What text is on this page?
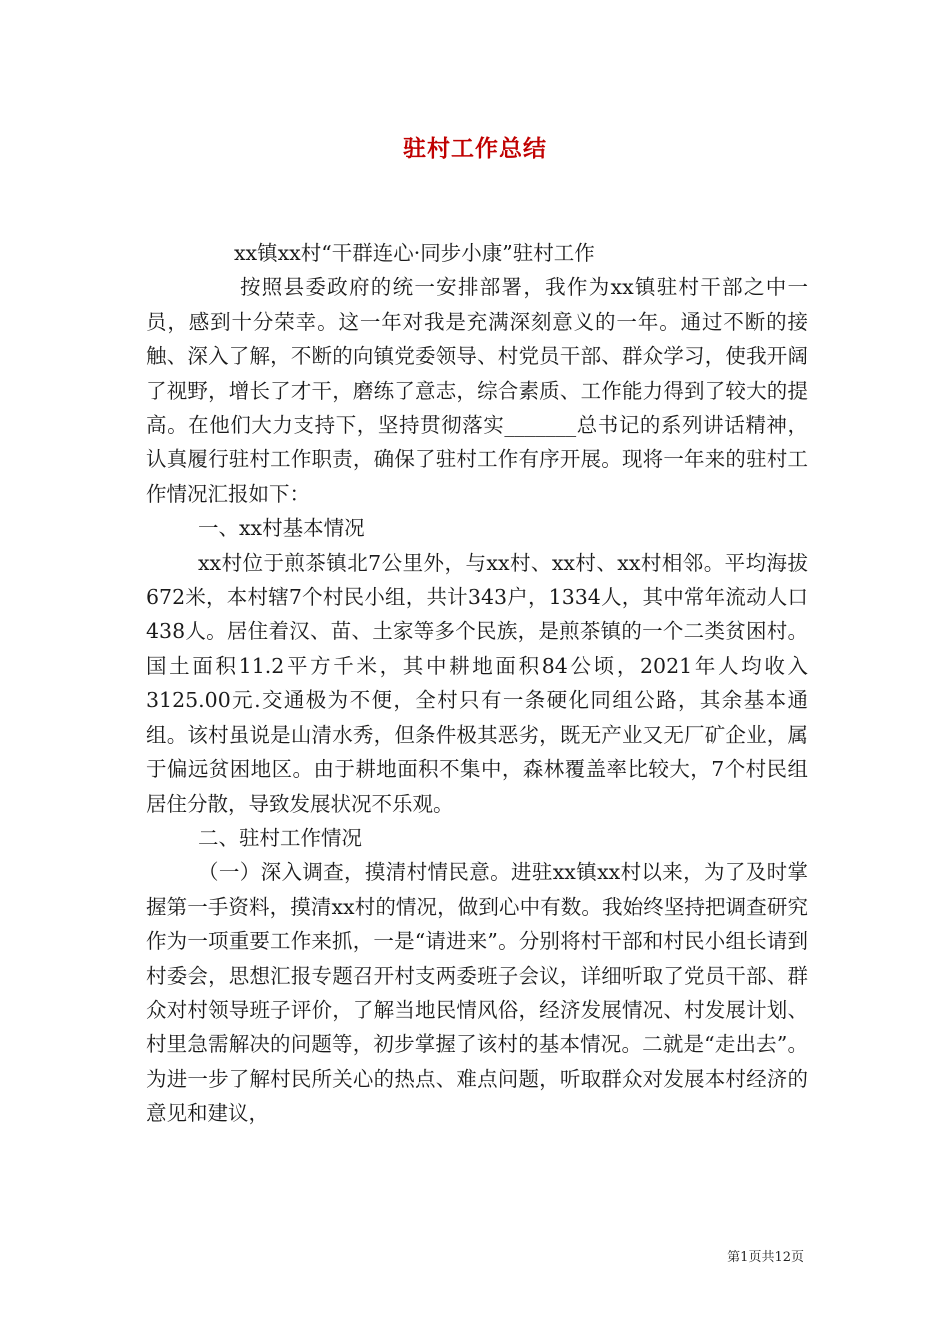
驻村工作总结

xx镇xx村“干群连心·同步小康”驻村工作

按照县委政府的统一安排部署，我作为xx镇驻村干部之中一员，感到十分荣幸。这一年对我是充满深刻意义的一年。通过不断的接触、深入了解，不断的向镇党委领导、村党员干部、群众学习，使我开阔了视野，增长了才干，磨练了意志，综合素质、工作能力得到了较大的提高。在他们大力支持下，坚持贯彻落实_______总书记的系列讲话精神，认真履行驻村工作职责，确保了驻村工作有序开展。现将一年来的驻村工作情况汇报如下：

一、xx村基本情况

xx村位于煎茶镇北7公里外，与xx村、xx村、xx村相邻。平均海拔672米，本村辖7个村民小组，共计343户，1334人，其中常年流动人口438人。居住着汉、苗、土家等多个民族，是煎茶镇的一个二类贫困村。国土面积11.2平方千米，其中耕地面积84公顷，2021年人均收入3125.00元.交通极为不便，全村只有一条硬化同组公路，其余基本通组。该村虽说是山清水秀，但条件极其恶劣，既无产业又无厂矿企业，属于偏远贫困地区。由于耕地面积不集中，森林覆盖率比较大，7个村民组居住分散，导致发展状况不乐观。

二、驻村工作情况

（一）深入调查，摸清村情民意。进驻xx镇xx村以来，为了及时掌握第一手资料，摸清xx村的情况，做到心中有数。我始终坚持把调查研究作为一项重要工作来抓，一是“请进来”。分别将村干部和村民小组长请到村委会，思想汇报专题召开村支两委班子会议，详细听取了党员干部、群众对村领导班子评价，了解当地民情风俗，经济发展情况、村发展计划、村里急需解决的问题等，初步掌握了该村的基本情况。二就是“走出去”。为进一步了解村民所关心的热点、难点问题，听取群众对发展本村经济的意见和建议，

第1页共12页
